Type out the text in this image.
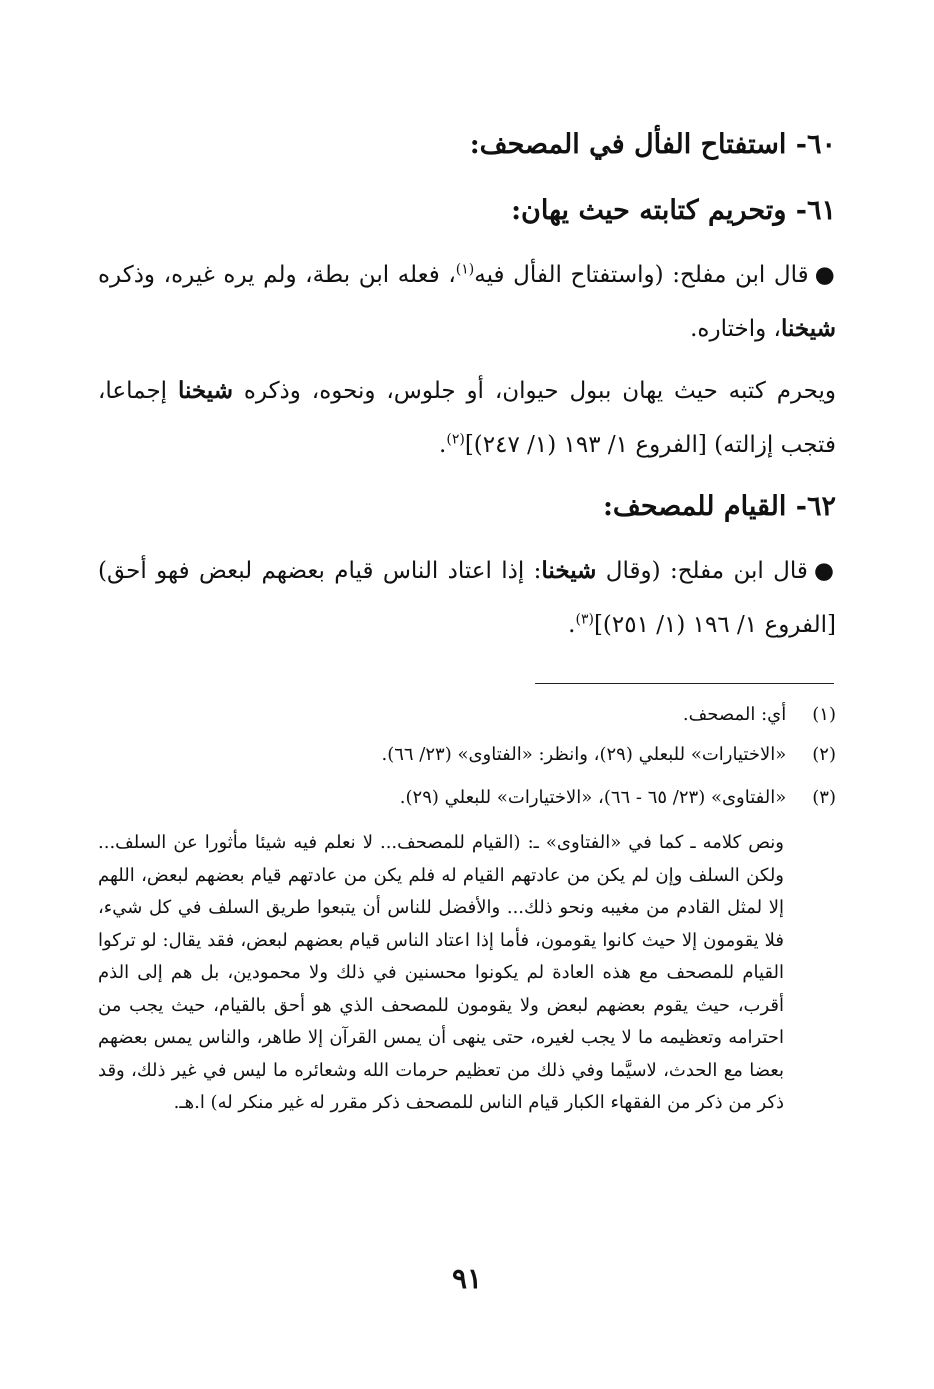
٦٠- استفتاح الفأل في المصحف:
٦١- وتحريم كتابته حيث يهان:
●قال ابن مفلح: (واستفتاح الفأل فيه$^{(١)}$، فعله ابن بطة، ولم يره غيره، وذكره شيخنا، واختاره.
ويحرم كتبه حيث يهان ببول حيوان، أو جلوس، ونحوه، وذكره شيخنا إجماعا، فتجب إزالته) [الفروع ١/ ١٩٣ (١/ ٢٤٧)]$^{(٢)}$.
٦٢- القيام للمصحف:
●قال ابن مفلح: (وقال شيخنا: إذا اعتاد الناس قيام بعضهم لبعض فهو أحق) [الفروع ١/ ١٩٦ (١/ ٢٥١)]$^{(٣)}$.
(١) أي: المصحف.
(٢) «الاختيارات» للبعلي (٢٩)، وانظر: «الفتاوى» (٢٣/ ٦٦).
(٣) «الفتاوى» (٢٣/ ٦٥ - ٦٦)، «الاختيارات» للبعلي (٢٩).
ونص كلامه ـ كما في «الفتاوى» ـ: (القيام للمصحف... لا نعلم فيه شيئا مأثورا عن السلف... ولكن السلف وإن لم يكن من عادتهم القيام له فلم يكن من عادتهم قيام بعضهم لبعض، اللهم إلا لمثل القادم من مغيبه ونحو ذلك... والأفضل للناس أن يتبعوا طريق السلف في كل شيء، فلا يقومون إلا حيث كانوا يقومون، فأما إذا اعتاد الناس قيام بعضهم لبعض، فقد يقال: لو تركوا القيام للمصحف مع هذه العادة لم يكونوا محسنين في ذلك ولا محمودين، بل هم إلى الذم أقرب، حيث يقوم بعضهم لبعض ولا يقومون للمصحف الذي هو أحق بالقيام، حيث يجب من احترامه وتعظيمه ما لا يجب لغيره، حتى ينهى أن يمس القرآن إلا طاهر، والناس يمس بعضهم بعضا مع الحدث، لاسيَّما وفي ذلك من تعظيم حرمات الله وشعائره ما ليس في غير ذلك، وقد ذكر من ذكر من الفقهاء الكبار قيام الناس للمصحف ذكر مقرر له غير منكر له) ا.هـ.
٩١
